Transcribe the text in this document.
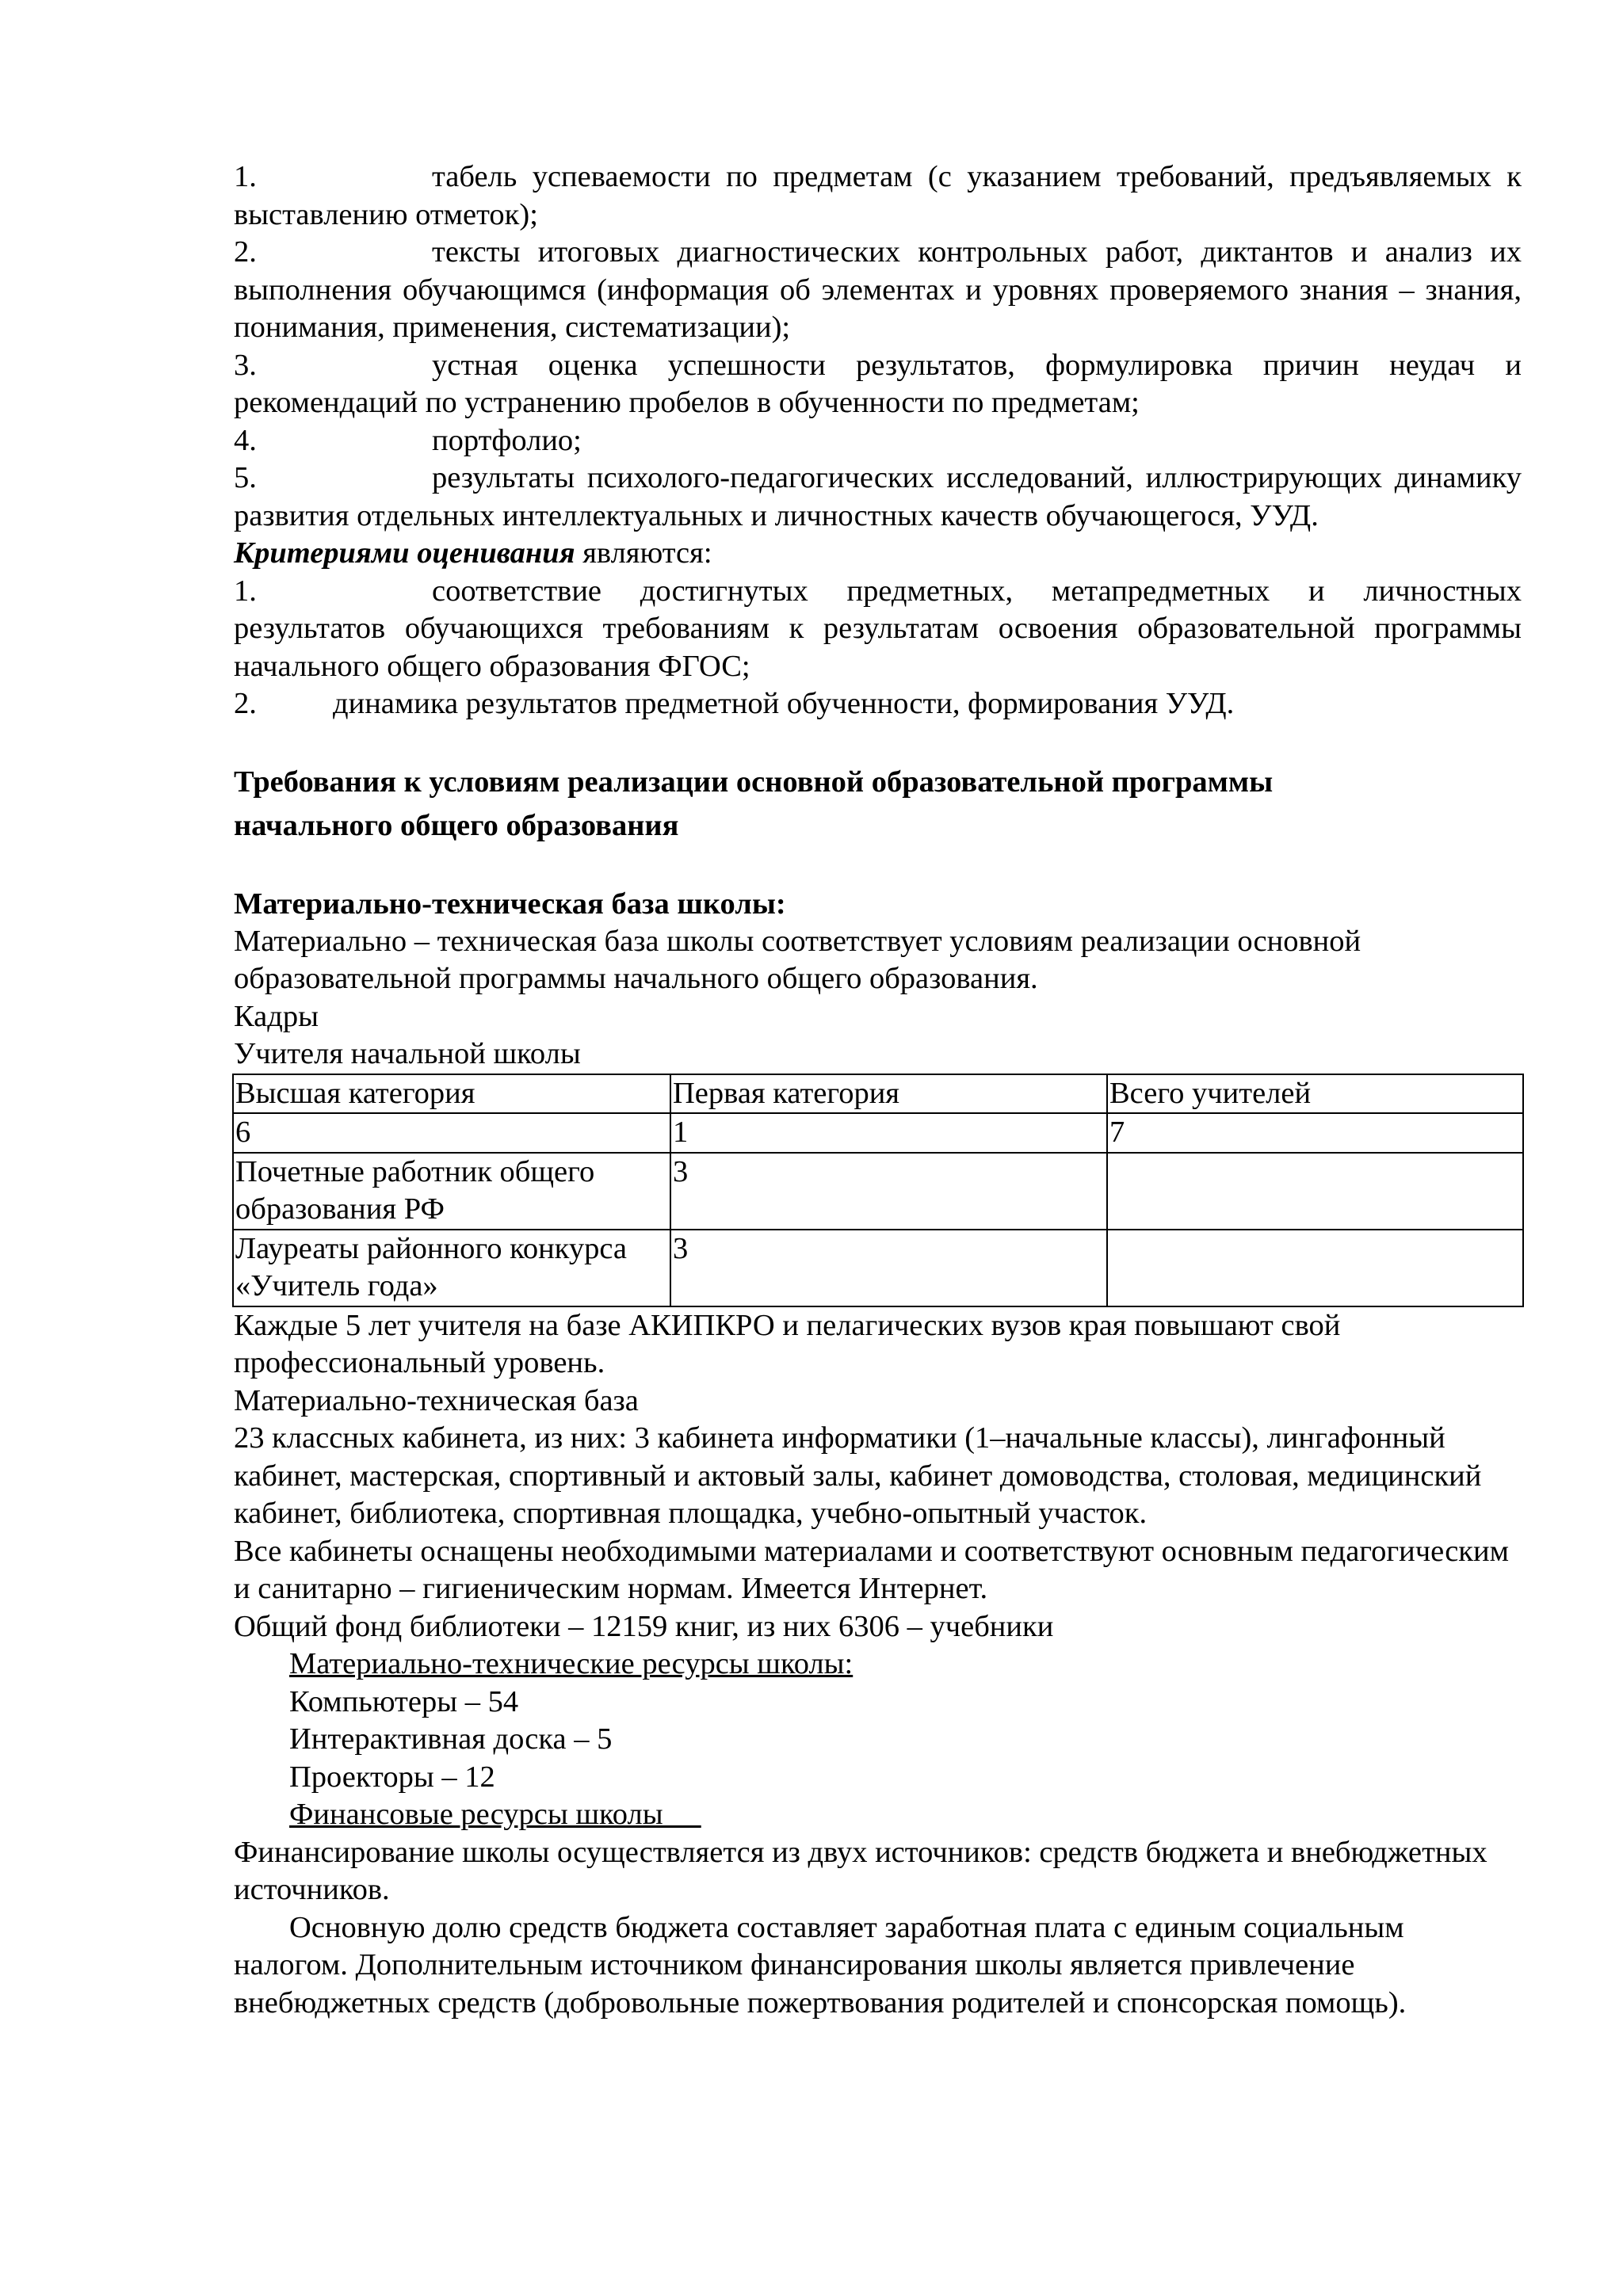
1.	табель успеваемости по предметам (с указанием требований, предъявляемых к выставлению отметок);
2.	тексты итоговых диагностических контрольных работ, диктантов и анализ их выполнения обучающимся (информация об элементах и уровнях проверяемого знания – знания, понимания, применения, систематизации);
3.	устная оценка успешности результатов, формулировка причин неудач и рекомендаций по устранению пробелов в обученности по предметам;
4.	портфолио;
5.	результаты психолого-педагогических исследований, иллюстрирующих динамику развития отдельных интеллектуальных и личностных качеств обучающегося, УУД.
Критериями оценивания являются:
1.	соответствие достигнутых предметных, метапредметных и личностных результатов обучающихся требованиям к результатам освоения образовательной программы начального общего образования ФГОС;
2. динамика результатов предметной обученности, формирования УУД.
Требования к условиям реализации основной образовательной программы
начального общего образования
Материально-техническая база школы:
Материально – техническая база школы соответствует условиям реализации основной образовательной программы начального общего образования.
Кадры
Учителя начальной школы
Высшая категория	Первая категория	Всего учителей
6	1	7
Почетные работник общего образования РФ	3	
Лауреаты районного конкурса «Учитель года»	3	
Каждые 5 лет учителя на базе АКИПКРО и пелагических вузов края повышают свой профессиональный уровень.
Материально-техническая база
23 классных кабинета, из них: 3 кабинета информатики (1–начальные классы), лингафонный кабинет, мастерская, спортивный и актовый залы, кабинет домоводства, столовая, медицинский кабинет, библиотека, спортивная площадка, учебно-опытный участок.
Все кабинеты оснащены необходимыми материалами и соответствуют основным педагогическим и санитарно – гигиеническим нормам. Имеется Интернет.
Общий фонд библиотеки – 12159 книг, из них 6306 – учебники
Материально-технические ресурсы школы:
Компьютеры – 54
Интерактивная доска – 5
Проекторы – 12
Финансовые ресурсы школы
Финансирование школы осуществляется из двух источников: средств бюджета и внебюджетных источников.
Основную долю средств бюджета составляет заработная плата с единым социальным налогом. Дополнительным источником финансирования школы является привлечение внебюджетных средств (добровольные пожертвования родителей и спонсорская помощь).
